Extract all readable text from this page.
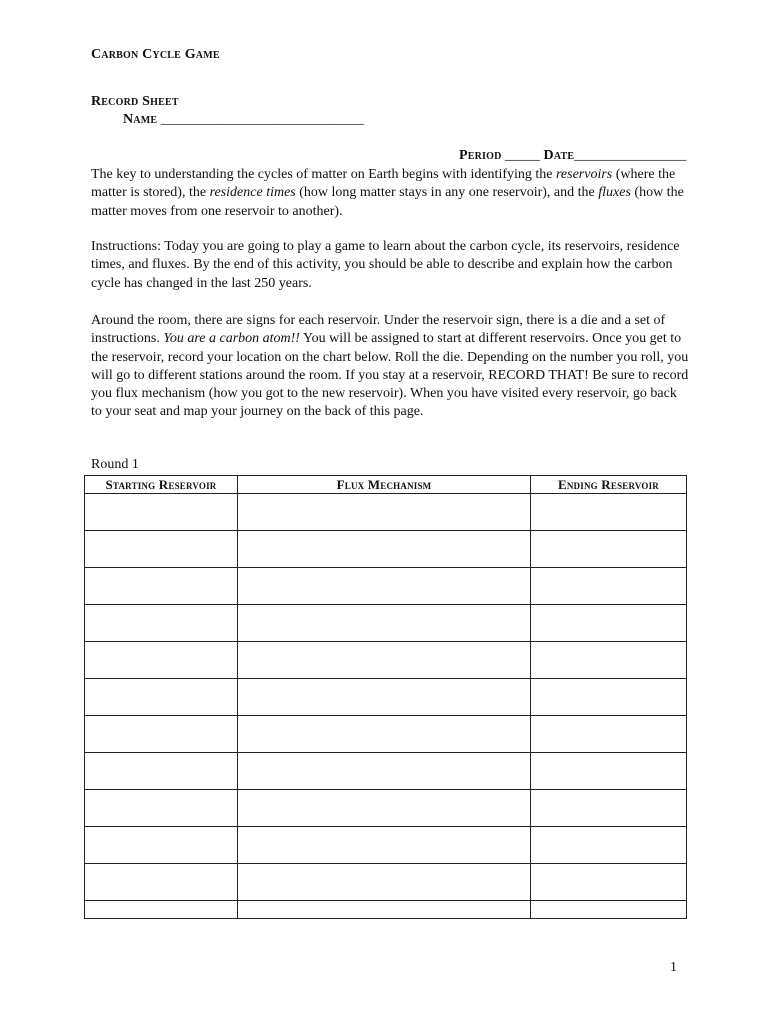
Carbon Cycle Game
Record Sheet
Name _____________________________
Period _____ Date________________

The key to understanding the cycles of matter on Earth begins with identifying the reservoirs (where the matter is stored), the residence times (how long matter stays in any one reservoir), and the fluxes (how the matter moves from one reservoir to another).

Instructions: Today you are going to play a game to learn about the carbon cycle, its reservoirs, residence times, and fluxes. By the end of this activity, you should be able to describe and explain how the carbon cycle has changed in the last 250 years.

Around the room, there are signs for each reservoir. Under the reservoir sign, there is a die and a set of instructions. You are a carbon atom!! You will be assigned to start at different reservoirs. Once you get to the reservoir, record your location on the chart below. Roll the die. Depending on the number you roll, you will go to different stations around the room. If you stay at a reservoir, RECORD THAT! Be sure to record you flux mechanism (how you got to the new reservoir). When you have visited every reservoir, go back to your seat and map your journey on the back of this page.

Round 1
Starting Reservoir	Flux Mechanism	Ending Reservoir

1
